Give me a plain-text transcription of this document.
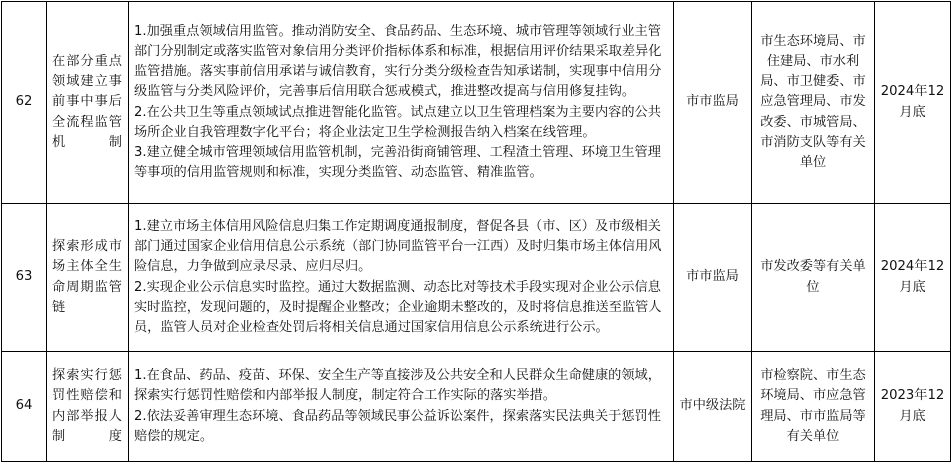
62	在部分重点领域建立事前事中事后全流程监管机制	1.加强重点领域信用监管。推动消防安全、食品药品、生态环境、城市管理等领域行业主管部门分别制定或落实监管对象信用分类评价指标体系和标准，根据信用评价结果采取差异化监管措施。落实事前信用承诺与诚信教育，实行分类分级检查告知承诺制，实现事中信用分级监管与分类风险评价，完善事后信用联合惩戒模式，推进整改提高与信用修复挂钩。

2.在公共卫生等重点领域试点推进智能化监管。试点建立以卫生管理档案为主要内容的公共场所企业自我管理数字化平台；将企业法定卫生学检测报告纳入档案在线管理。

3.建立健全城市管理领域信用监管机制，完善沿街商铺管理、工程渣土管理、环境卫生管理等事项的信用监管规则和标准，实现分类监管、动态监管、精准监管。	市市监局	市生态环境局、市住建局、市水利局、市卫健委、市应急管理局、市发改委、市城管局、市消防支队等有关单位	2024年12月底
63	探索形成市场主体全生命周期监管链	1.建立市场主体信用风险信息归集工作定期调度通报制度，督促各县（市、区）及市级相关部门通过国家企业信用信息公示系统（部门协同监管平台一江西）及时归集市场主体信用风险信息，力争做到应录尽录、应归尽归。

2.实现企业公示信息实时监控。通过大数据监测、动态比对等技术手段实现对企业公示信息实时监控，发现问题的，及时提醒企业整改；企业逾期未整改的，及时将信息推送至监管人员，监管人员对企业检查处罚后将相关信息通过国家信用信息公示系统进行公示。	市市监局	市发改委等有关单位	2024年12月底
64	探索实行惩罚性赔偿和内部举报人制度	1.在食品、药品、疫苗、环保、安全生产等直接涉及公共安全和人民群众生命健康的领域，探索实行惩罚性赔偿和内部举报人制度，制定符合工作实际的落实举措。

2.依法妥善审理生态环境、食品药品等领域民事公益诉讼案件，探索落实民法典关于惩罚性赔偿的规定。	市中级法院	市检察院、市生态环境局、市应急管理局、市市监局等有关单位	2023年12月底
